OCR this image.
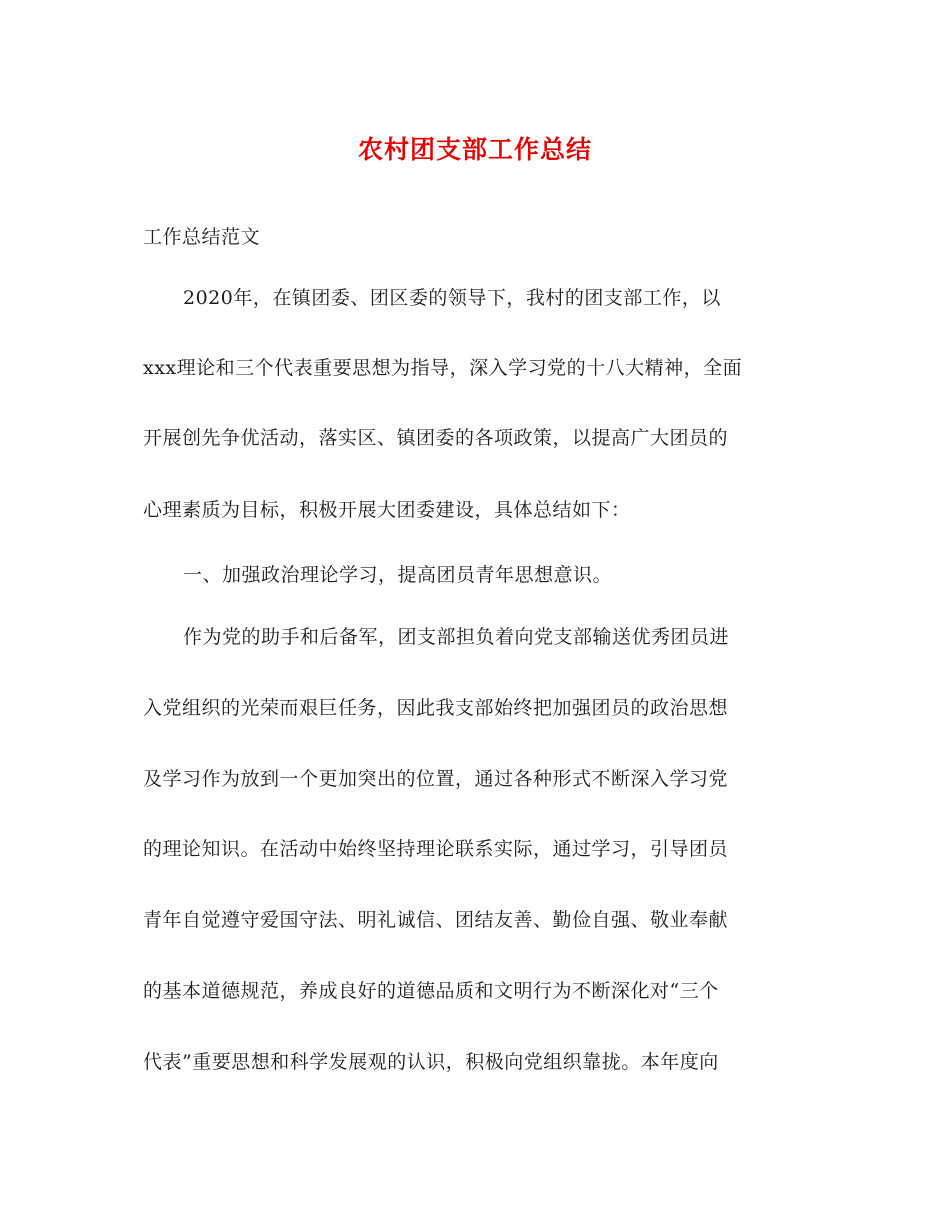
农村团支部工作总结
工作总结范文
2020年，在镇团委、团区委的领导下，我村的团支部工作，以
xxx理论和三个代表重要思想为指导，深入学习党的十八大精神，全面
开展创先争优活动，落实区、镇团委的各项政策，以提高广大团员的
心理素质为目标，积极开展大团委建设，具体总结如下：
一、加强政治理论学习，提高团员青年思想意识。
作为党的助手和后备军，团支部担负着向党支部输送优秀团员进
入党组织的光荣而艰巨任务，因此我支部始终把加强团员的政治思想
及学习作为放到一个更加突出的位置，通过各种形式不断深入学习党
的理论知识。在活动中始终坚持理论联系实际，通过学习，引导团员
青年自觉遵守爱国守法、明礼诚信、团结友善、勤俭自强、敬业奉献
的基本道德规范，养成良好的道德品质和文明行为不断深化对“三个
代表”重要思想和科学发展观的认识，积极向党组织靠拢。本年度向
